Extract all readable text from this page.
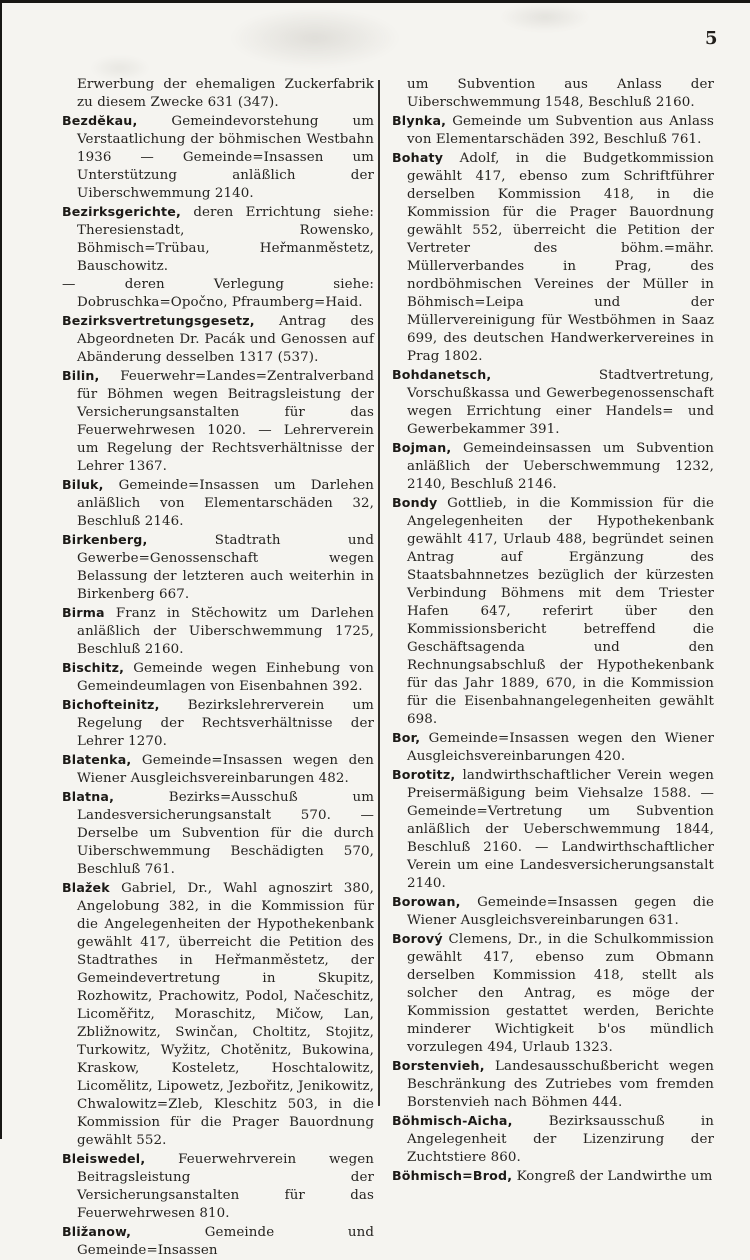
5

Erwerbung der ehemaligen Zuckerfabrik zu diesem Zwecke 631 (347).

Bezdĕkau,	Gemeindevorstehung um Verstaatlichung der böhmischen Westbahn 1936 — Gemeinde=Insassen um Unterstützung anläßlich der Uiberschwemmung 2140.

Bezirksgerichte, deren Errichtung siehe: Theresienstadt, Rowensko, Böhmisch=Trübau, Heřmanměstetz, Bauschowitz.

—	deren Verlegung siehe: Dobruschka=Opočno, Pfraumberg=Haid.

Bezirksvertretungsgesetz, Antrag des Abgeordneten Dr. Pacák und Genossen auf Abänderung desselben 1317 (537).

Bilin, Feuerwehr=Landes=Zentralverband für Böhmen wegen Beitragsleistung der Versicherungsanstalten für das Feuerwehrwesen 1020. — Lehrerverein um Regelung der Rechtsverhältnisse der Lehrer 1367.

Biluk, Gemeinde=Insassen um Darlehen anläßlich von Elementarschäden 32, Beschluß 2146.

Birkenberg,	Stadtrath und Gewerbe=Genossenschaft wegen Belassung der letzteren auch weiterhin in Birkenberg 667.

Birma Franz in Stĕchowitz um Darlehen anläßlich der Uiberschwemmung 1725, Beschluß 2160.

Bischitz, Gemeinde wegen Einhebung von Gemeindeumlagen von Eisenbahnen 392.

Bichofteinitz, Bezirkslehrerverein um Regelung der Rechtsverhältnisse der Lehrer 1270.

Blatenka, Gemeinde=Insassen wegen den Wiener Ausgleichsvereinbarungen 482.

Blatna,	Bezirks=Ausschuß um Landesversicherungsanstalt 570. — Derselbe um Subvention für die durch Uiberschwemmung Beschädigten 570, Beschluß 761.

Blažek Gabriel, Dr., Wahl agnoszirt 380, Angelobung 382, in die Kommission für die Angelegenheiten der Hypothekenbank gewählt 417, überreicht die Petition des Stadtrathes in Heřmanměstetz, der Gemeindevertretung in Skupitz, Rozhowitz, Prachowitz, Podol, Načeschitz, Licoměřitz, Moraschitz, Mičow, Lan, Zbližnowitz, Swinčan, Choltitz, Stojitz, Turkowitz, Wyžitz, Chotěnitz, Bukowina, Kraskow, Kosteletz, Hoschtalowitz, Licomělitz, Lipowetz, Jezbořitz, Jenikowitz, Chwalowitz=Zleb, Kleschitz 503, in die Kommission für die Prager Bauordnung gewählt 552.

Bleiswedel, Feuerwehrverein wegen Beitragsleistung der Versicherungsanstalten für das Feuerwehrwesen 810.

Bližanow,	Gemeinde und Gemeinde=Insassen

um Subvention aus Anlass der Uiberschwemmung 1548, Beschluß 2160.

Blynka, Gemeinde um Subvention aus Anlass von Elementarschäden 392, Beschluß 761.

Bohaty Adolf, in die Budgetkommission gewählt 417, ebenso zum Schriftführer derselben Kommission 418, in die Kommission für die Prager Bauordnung gewählt 552, überreicht die Petition der Vertreter des böhm.=mähr. Müllerverbandes in Prag, des nordböhmischen Vereines der Müller in Böhmisch=Leipa und der Müllervereinigung für Westböhmen in Saaz 699, des deutschen Handwerkervereines in Prag 1802.

Bohdanetsch,	Stadtvertretung, Vorschußkassa und Gewerbegenossenschaft wegen Errichtung einer Handels= und Gewerbekammer 391.

Bojman, Gemeindeinsassen um Subvention anläßlich der Ueberschwemmung 1232, 2140, Beschluß 2146.

Bondy Gottlieb, in die Kommission für die Angelegenheiten der Hypothekenbank gewählt 417, Urlaub 488, begründet seinen Antrag auf Ergänzung des Staatsbahnnetzes bezüglich der kürzesten Verbindung Böhmens mit dem Triester Hafen 647, referirt über den Kommissionsbericht betreffend die Geschäftsagenda und den Rechnungsabschluß der Hypothekenbank für das Jahr 1889, 670, in die Kommission für die Eisenbahnangelegenheiten gewählt 698.

Bor, Gemeinde=Insassen wegen den Wiener Ausgleichsvereinbarungen 420.

Borotitz, landwirthschaftlicher Verein wegen Preisermäßigung beim Viehsalze 1588. — Gemeinde=Vertretung um Subvention anläßlich der Ueberschwemmung 1844, Beschluß 2160. — Landwirthschaftlicher Verein um eine Landesversicherungsanstalt 2140.

Borowan, Gemeinde=Insassen gegen die Wiener Ausgleichsvereinbarungen 631.

Borový Clemens, Dr., in die Schulkommission gewählt 417, ebenso zum Obmann derselben Kommission 418, stellt als solcher den Antrag, es möge der Kommission gestattet werden, Berichte minderer Wichtigkeit b'os mündlich vorzulegen 494, Urlaub 1323.

Borstenvieh, Landesausschußbericht wegen Beschränkung des Zutriebes vom fremden Borstenvieh nach Böhmen 444.

Böhmisch-Aicha,	Bezirksausschuß in Angelegenheit der Lizenzirung der Zuchtstiere 860.

Böhmisch=Brod, Kongreß der Landwirthe um
